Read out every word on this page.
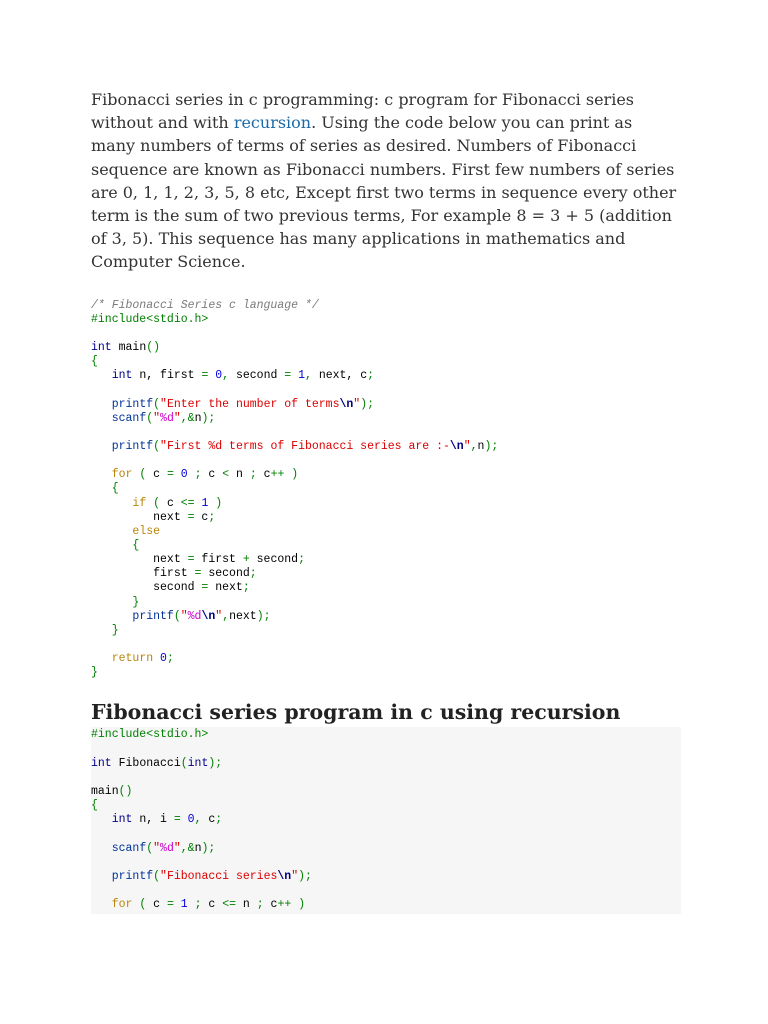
Fibonacci series in c programming: c program for Fibonacci series without and with recursion. Using the code below you can print as many numbers of terms of series as desired. Numbers of Fibonacci sequence are known as Fibonacci numbers. First few numbers of series are 0, 1, 1, 2, 3, 5, 8 etc, Except first two terms in sequence every other term is the sum of two previous terms, For example 8 = 3 + 5 (addition of 3, 5). This sequence has many applications in mathematics and Computer Science.

/* Fibonacci Series c language */
#include<stdio.h>
int main()
{
int n, first = 0, second = 1, next, c;
printf("Enter the number of terms\n");
scanf("%d",&n);
printf("First %d terms of Fibonacci series are :-\n",n);
for ( c = 0 ; c < n ; c++ )
{
if ( c <= 1 )
next = c;
else
{
next = first + second;
first = second;
second = next;
}
printf("%d\n",next);
}
return 0;
}
Fibonacci series program in c using recursion
#include<stdio.h>
int Fibonacci(int);
main()
{
int n, i = 0, c;
scanf("%d",&n);
printf("Fibonacci series\n");
for ( c = 1 ; c <= n ; c++ )
